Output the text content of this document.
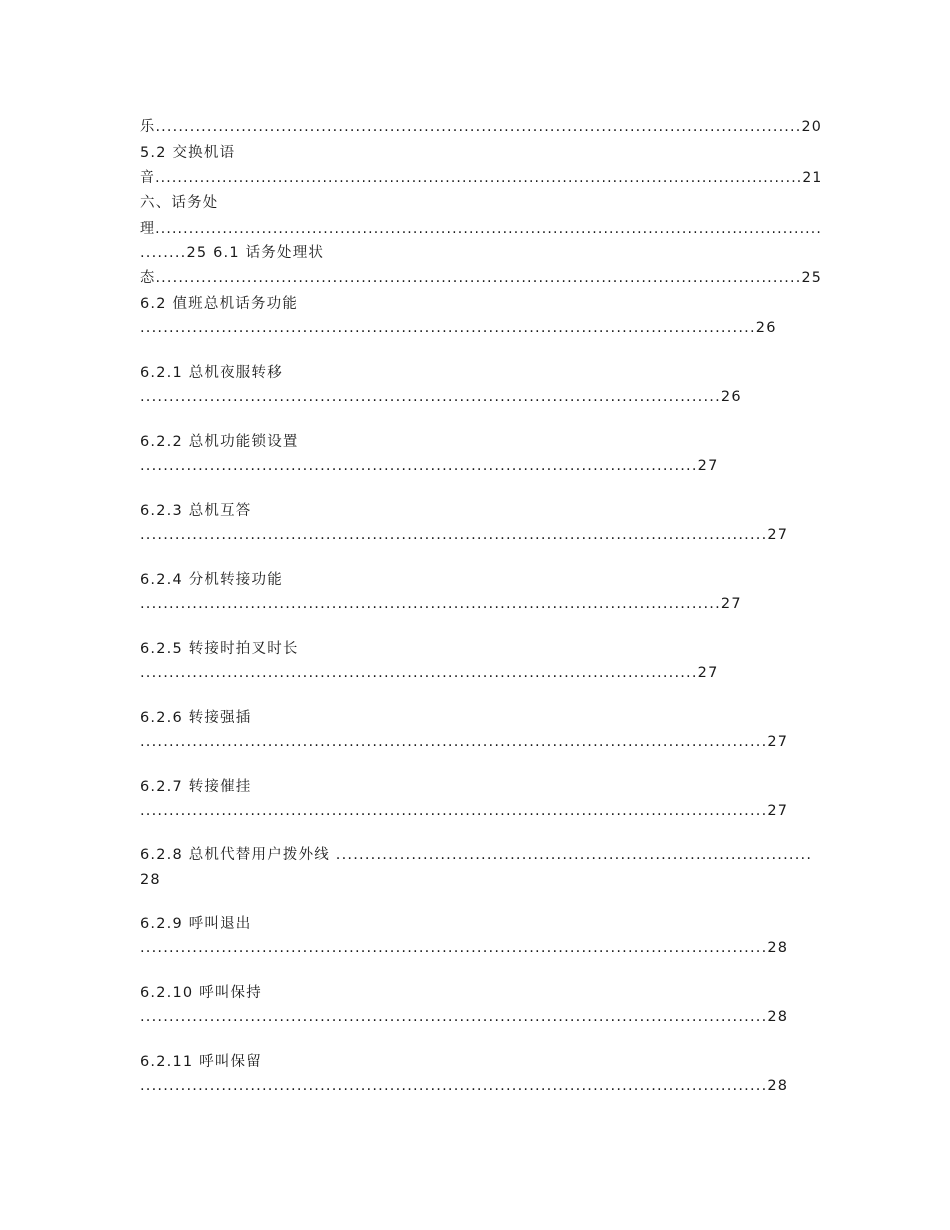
乐.................................................................................................................20
5.2 交换机语
音....................................................................................................................21
六、话务处
理.......................................................................................................................
........25 6.1 话务处理状
态.................................................................................................................25
6.2 值班总机话务功能
..........................................................................................................26
6.2.1 总机夜服转移
....................................................................................................26
6.2.2 总机功能锁设置
................................................................................................27
6.2.3 总机互答
............................................................................................................27
6.2.4 分机转接功能
....................................................................................................27
6.2.5 转接时拍叉时长
................................................................................................27
6.2.6 转接强插
............................................................................................................27
6.2.7 转接催挂
............................................................................................................27
6.2.8 总机代替用户拨外线 ..................................................................................
28
6.2.9 呼叫退出
............................................................................................................28
6.2.10 呼叫保持
............................................................................................................28
6.2.11 呼叫保留
............................................................................................................28
